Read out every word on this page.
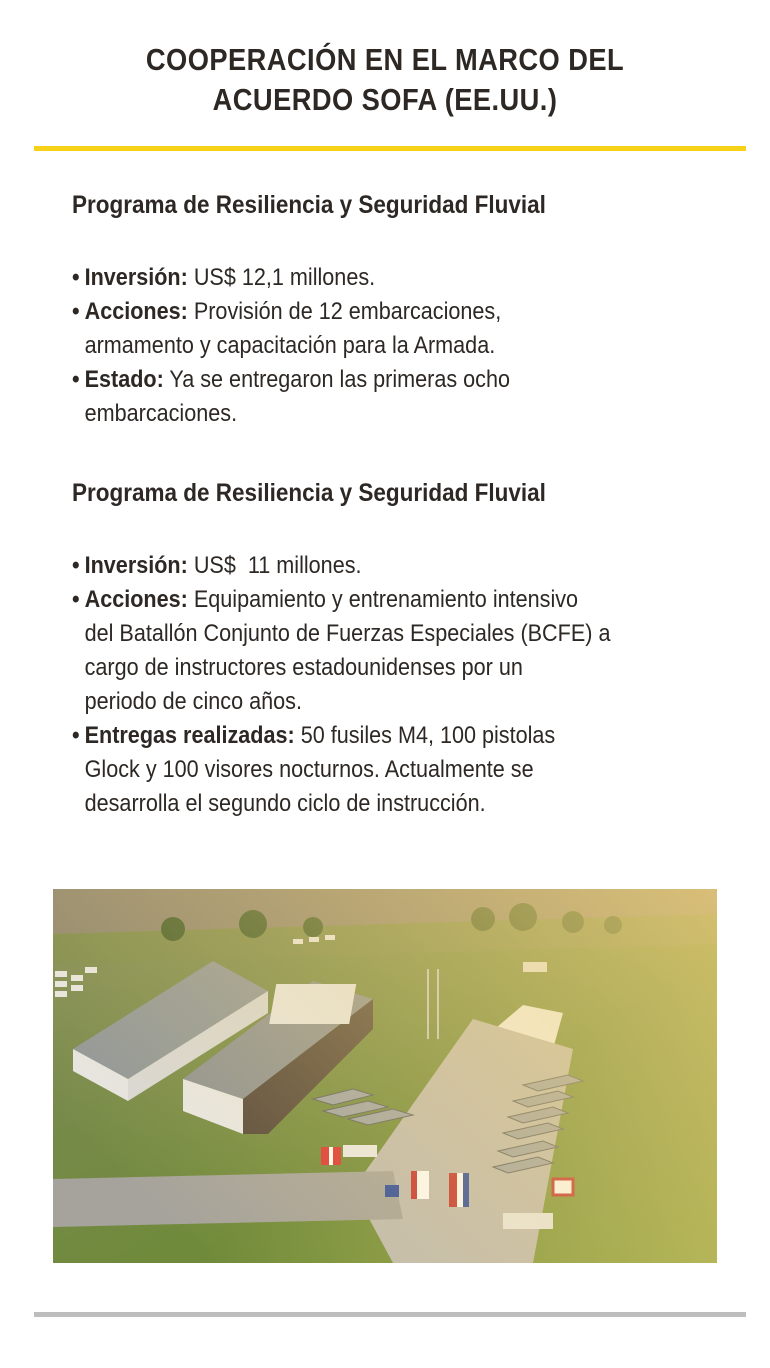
COOPERACIÓN EN EL MARCO DEL
ACUERDO SOFA (EE.UU.)
Programa de Resiliencia y Seguridad Fluvial
• Inversión: US$ 12,1 millones.
• Acciones: Provisión de 12 embarcaciones,
armamento y capacitación para la Armada.
• Estado: Ya se entregaron las primeras ocho
embarcaciones.
Programa de Resiliencia y Seguridad Fluvial
• Inversión: US$  11 millones.
• Acciones: Equipamiento y entrenamiento intensivo
del Batallón Conjunto de Fuerzas Especiales (BCFE) a
cargo de instructores estadounidenses por un
periodo de cinco años.
• Entregas realizadas: 50 fusiles M4, 100 pistolas
Glock y 100 visores nocturnos. Actualmente se
desarrolla el segundo ciclo de instrucción.
